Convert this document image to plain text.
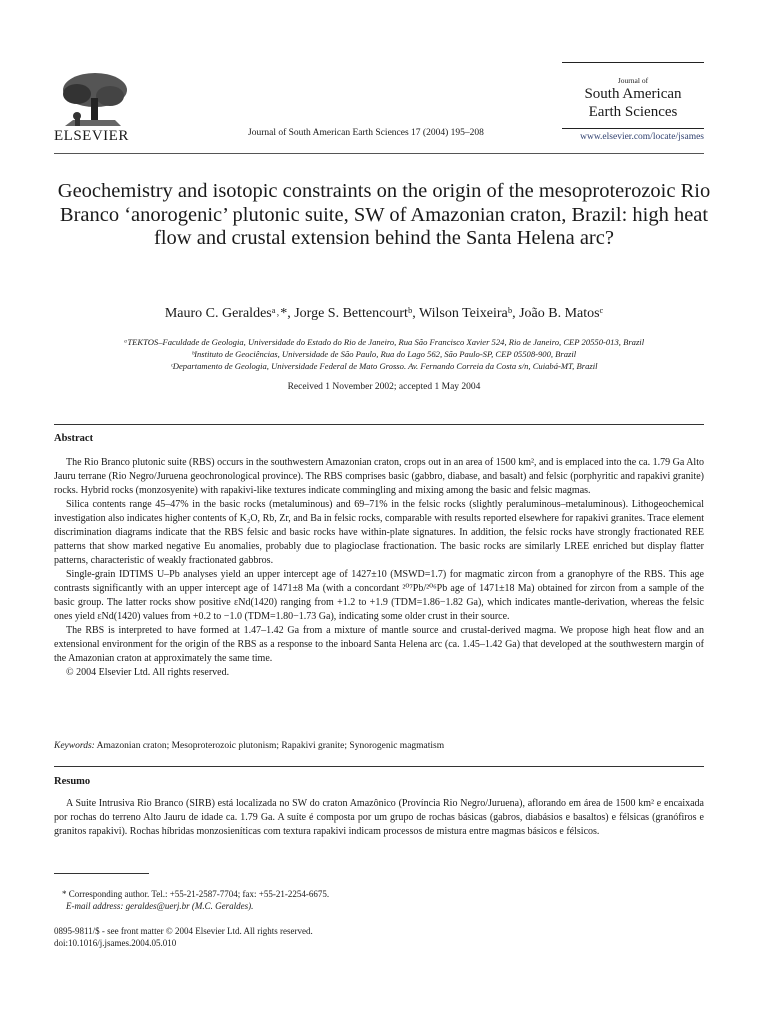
ELSEVIER	Journal of South American Earth Sciences 17 (2004) 195–208
Journal of
South American
Earth Sciences
www.elsevier.com/locate/jsames
Geochemistry and isotopic constraints on the origin of the mesoproterozoic Rio Branco ‘anorogenic’ plutonic suite, SW of Amazonian craton, Brazil: high heat flow and crustal extension behind the Santa Helena arc?
Mauro C. Geraldesᵃ˒*, Jorge S. Bettencourtᵇ, Wilson Teixeiraᵇ, João B. Matosᶜ
ᵃTEKTOS–Faculdade de Geologia, Universidade do Estado do Rio de Janeiro, Rua São Francisco Xavier 524, Rio de Janeiro, CEP 20550-013, Brazil
ᵇInstituto de Geociências, Universidade de São Paulo, Rua do Lago 562, São Paulo-SP, CEP 05508-900, Brazil
ᶜDepartamento de Geologia, Universidade Federal de Mato Grosso. Av. Fernando Correia da Costa s/n, Cuiabá-MT, Brazil
Received 1 November 2002; accepted 1 May 2004
Abstract

The Rio Branco plutonic suite (RBS) occurs in the southwestern Amazonian craton, crops out in an area of 1500 km², and is emplaced into the ca. 1.79 Ga Alto Jauru terrane (Rio Negro/Juruena geochronological province). The RBS comprises basic (gabbro, diabase, and basalt) and felsic (porphyritic and rapakivi granite) rocks. Hybrid rocks (monzosyenite) with rapakivi-like textures indicate commingling and mixing among the basic and felsic magmas.

Silica contents range 45–47% in the basic rocks (metaluminous) and 69–71% in the felsic rocks (slightly peraluminous–metaluminous). Lithogeochemical investigation also indicates higher contents of K₂O, Rb, Zr, and Ba in felsic rocks, comparable with results reported elsewhere for rapakivi granites. Trace element discrimination diagrams indicate that the RBS felsic and basic rocks have within-plate signatures. In addition, the felsic rocks have strongly fractionated REE patterns that show marked negative Eu anomalies, probably due to plagioclase fractionation. The basic rocks are similarly LREE enriched but display flatter patterns, characteristic of weakly fractionated gabbros.

Single-grain IDTIMS U–Pb analyses yield an upper intercept age of 1427±10 (MSWD=1.7) for magmatic zircon from a granophyre of the RBS. This age contrasts significantly with an upper intercept age of 1471±8 Ma (with a concordant ²⁰⁷Pb/²⁰⁶Pb age of 1471±18 Ma) obtained for zircon from a sample of the basic group. The latter rocks show positive εNd(1420) ranging from +1.2 to +1.9 (TDM=1.86−1.82 Ga), which indicates mantle-derivation, whereas the felsic ones yield εNd(1420) values from +0.2 to −1.0 (TDM=1.80−1.73 Ga), indicating some older crust in their source.

The RBS is interpreted to have formed at 1.47–1.42 Ga from a mixture of mantle source and crustal-derived magma. We propose high heat flow and an extensional environment for the origin of the RBS as a response to the inboard Santa Helena arc (ca. 1.45–1.42 Ga) that developed at the southwestern margin of the Amazonian craton at approximately the same time.

© 2004 Elsevier Ltd. All rights reserved.

Keywords: Amazonian craton; Mesoproterozoic plutonism; Rapakivi granite; Synorogenic magmatism
Resumo

A Suite Intrusiva Rio Branco (SIRB) está localizada no SW do craton Amazônico (Província Rio Negro/Juruena), aflorando em área de 1500 km² e encaixada por rochas do terreno Alto Jauru de idade ca. 1.79 Ga. A suíte é composta por um grupo de rochas básicas (gabros, diabásios e basaltos) e félsicas (granófiros e granitos rapakivi). Rochas híbridas monzosieníticas com textura rapakivi indicam processos de mistura entre magmas básicos e félsicos.

* Corresponding author. Tel.: +55-21-2587-7704; fax: +55-21-2254-6675.
E-mail address: geraldes@uerj.br (M.C. Geraldes).
0895-9811/$ - see front matter © 2004 Elsevier Ltd. All rights reserved.
doi:10.1016/j.jsames.2004.05.010
